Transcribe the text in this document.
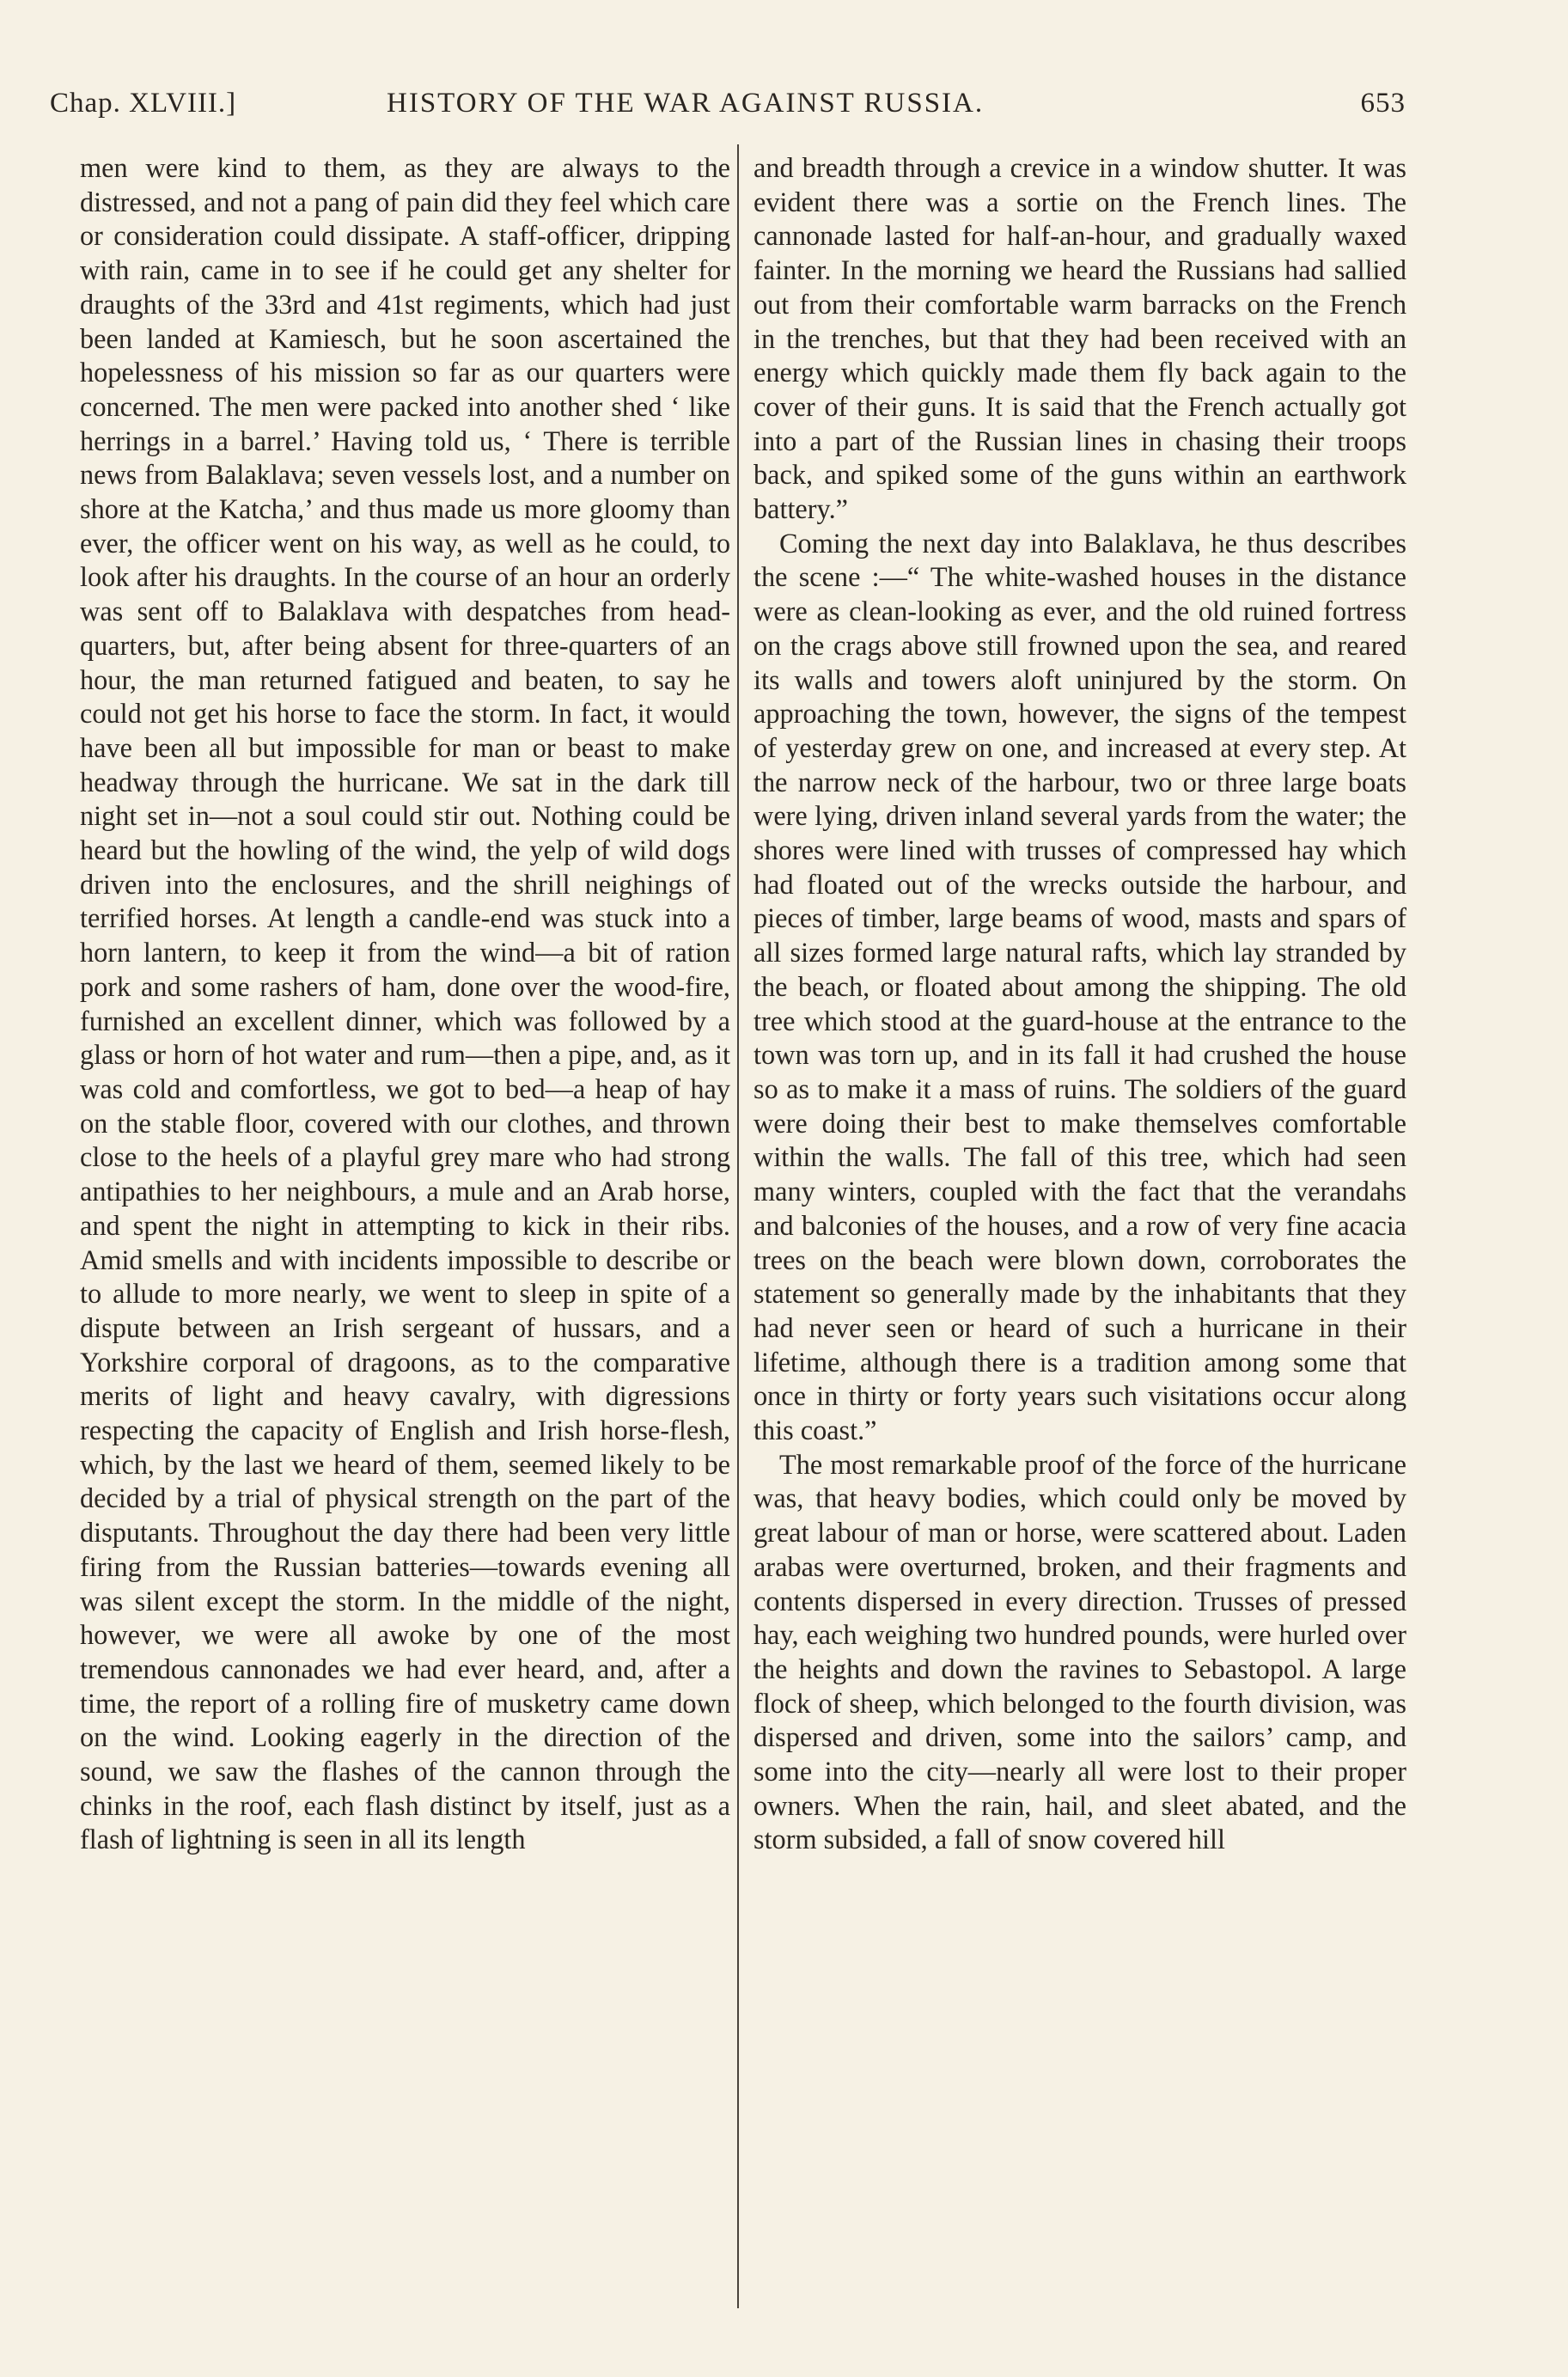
Chap. XLVIII.]	HISTORY OF THE WAR AGAINST RUSSIA.	653

men were kind to them, as they are always to the distressed, and not a pang of pain did they feel which care or consideration could dissipate. A staff-officer, dripping with rain, came in to see if he could get any shelter for draughts of the 33rd and 41st regiments, which had just been landed at Kamiesch, but he soon ascertained the hopelessness of his mission so far as our quarters were concerned. The men were packed into another shed ‘ like herrings in a barrel.’ Having told us, ‘ There is terrible news from Balaklava; seven vessels lost, and a number on shore at the Katcha,’ and thus made us more gloomy than ever, the officer went on his way, as well as he could, to look after his draughts. In the course of an hour an orderly was sent off to Balaklava with despatches from head-quarters, but, after being absent for three-quarters of an hour, the man returned fatigued and beaten, to say he could not get his horse to face the storm. In fact, it would have been all but impossible for man or beast to make headway through the hurricane. We sat in the dark till night set in—not a soul could stir out. Nothing could be heard but the howling of the wind, the yelp of wild dogs driven into the enclosures, and the shrill neighings of terrified horses. At length a candle-end was stuck into a horn lantern, to keep it from the wind—a bit of ration pork and some rashers of ham, done over the wood-fire, furnished an excellent dinner, which was followed by a glass or horn of hot water and rum—then a pipe, and, as it was cold and comfortless, we got to bed—a heap of hay on the stable floor, covered with our clothes, and thrown close to the heels of a playful grey mare who had strong antipathies to her neighbours, a mule and an Arab horse, and spent the night in attempting to kick in their ribs. Amid smells and with incidents impossible to describe or to allude to more nearly, we went to sleep in spite of a dispute between an Irish sergeant of hussars, and a Yorkshire corporal of dragoons, as to the comparative merits of light and heavy cavalry, with digressions respecting the capacity of English and Irish horse-flesh, which, by the last we heard of them, seemed likely to be decided by a trial of physical strength on the part of the disputants. Throughout the day there had been very little firing from the Russian batteries—towards evening all was silent except the storm. In the middle of the night, however, we were all awoke by one of the most tremendous cannonades we had ever heard, and, after a time, the report of a rolling fire of musketry came down on the wind. Looking eagerly in the direction of the sound, we saw the flashes of the cannon through the chinks in the roof, each flash distinct by itself, just as a flash of lightning is seen in all its length

and breadth through a crevice in a window shutter. It was evident there was a sortie on the French lines. The cannonade lasted for half-an-hour, and gradually waxed fainter. In the morning we heard the Russians had sallied out from their comfortable warm barracks on the French in the trenches, but that they had been received with an energy which quickly made them fly back again to the cover of their guns. It is said that the French actually got into a part of the Russian lines in chasing their troops back, and spiked some of the guns within an earthwork battery.”

Coming the next day into Balaklava, he thus describes the scene :—“ The white-washed houses in the distance were as clean-looking as ever, and the old ruined fortress on the crags above still frowned upon the sea, and reared its walls and towers aloft uninjured by the storm. On approaching the town, however, the signs of the tempest of yesterday grew on one, and increased at every step. At the narrow neck of the harbour, two or three large boats were lying, driven inland several yards from the water; the shores were lined with trusses of compressed hay which had floated out of the wrecks outside the harbour, and pieces of timber, large beams of wood, masts and spars of all sizes formed large natural rafts, which lay stranded by the beach, or floated about among the shipping. The old tree which stood at the guard-house at the entrance to the town was torn up, and in its fall it had crushed the house so as to make it a mass of ruins. The soldiers of the guard were doing their best to make themselves comfortable within the walls. The fall of this tree, which had seen many winters, coupled with the fact that the verandahs and balconies of the houses, and a row of very fine acacia trees on the beach were blown down, corroborates the statement so generally made by the inhabitants that they had never seen or heard of such a hurricane in their lifetime, although there is a tradition among some that once in thirty or forty years such visitations occur along this coast.”

The most remarkable proof of the force of the hurricane was, that heavy bodies, which could only be moved by great labour of man or horse, were scattered about. Laden arabas were overturned, broken, and their fragments and contents dispersed in every direction. Trusses of pressed hay, each weighing two hundred pounds, were hurled over the heights and down the ravines to Sebastopol. A large flock of sheep, which belonged to the fourth division, was dispersed and driven, some into the sailors’ camp, and some into the city—nearly all were lost to their proper owners. When the rain, hail, and sleet abated, and the storm subsided, a fall of snow covered hill
